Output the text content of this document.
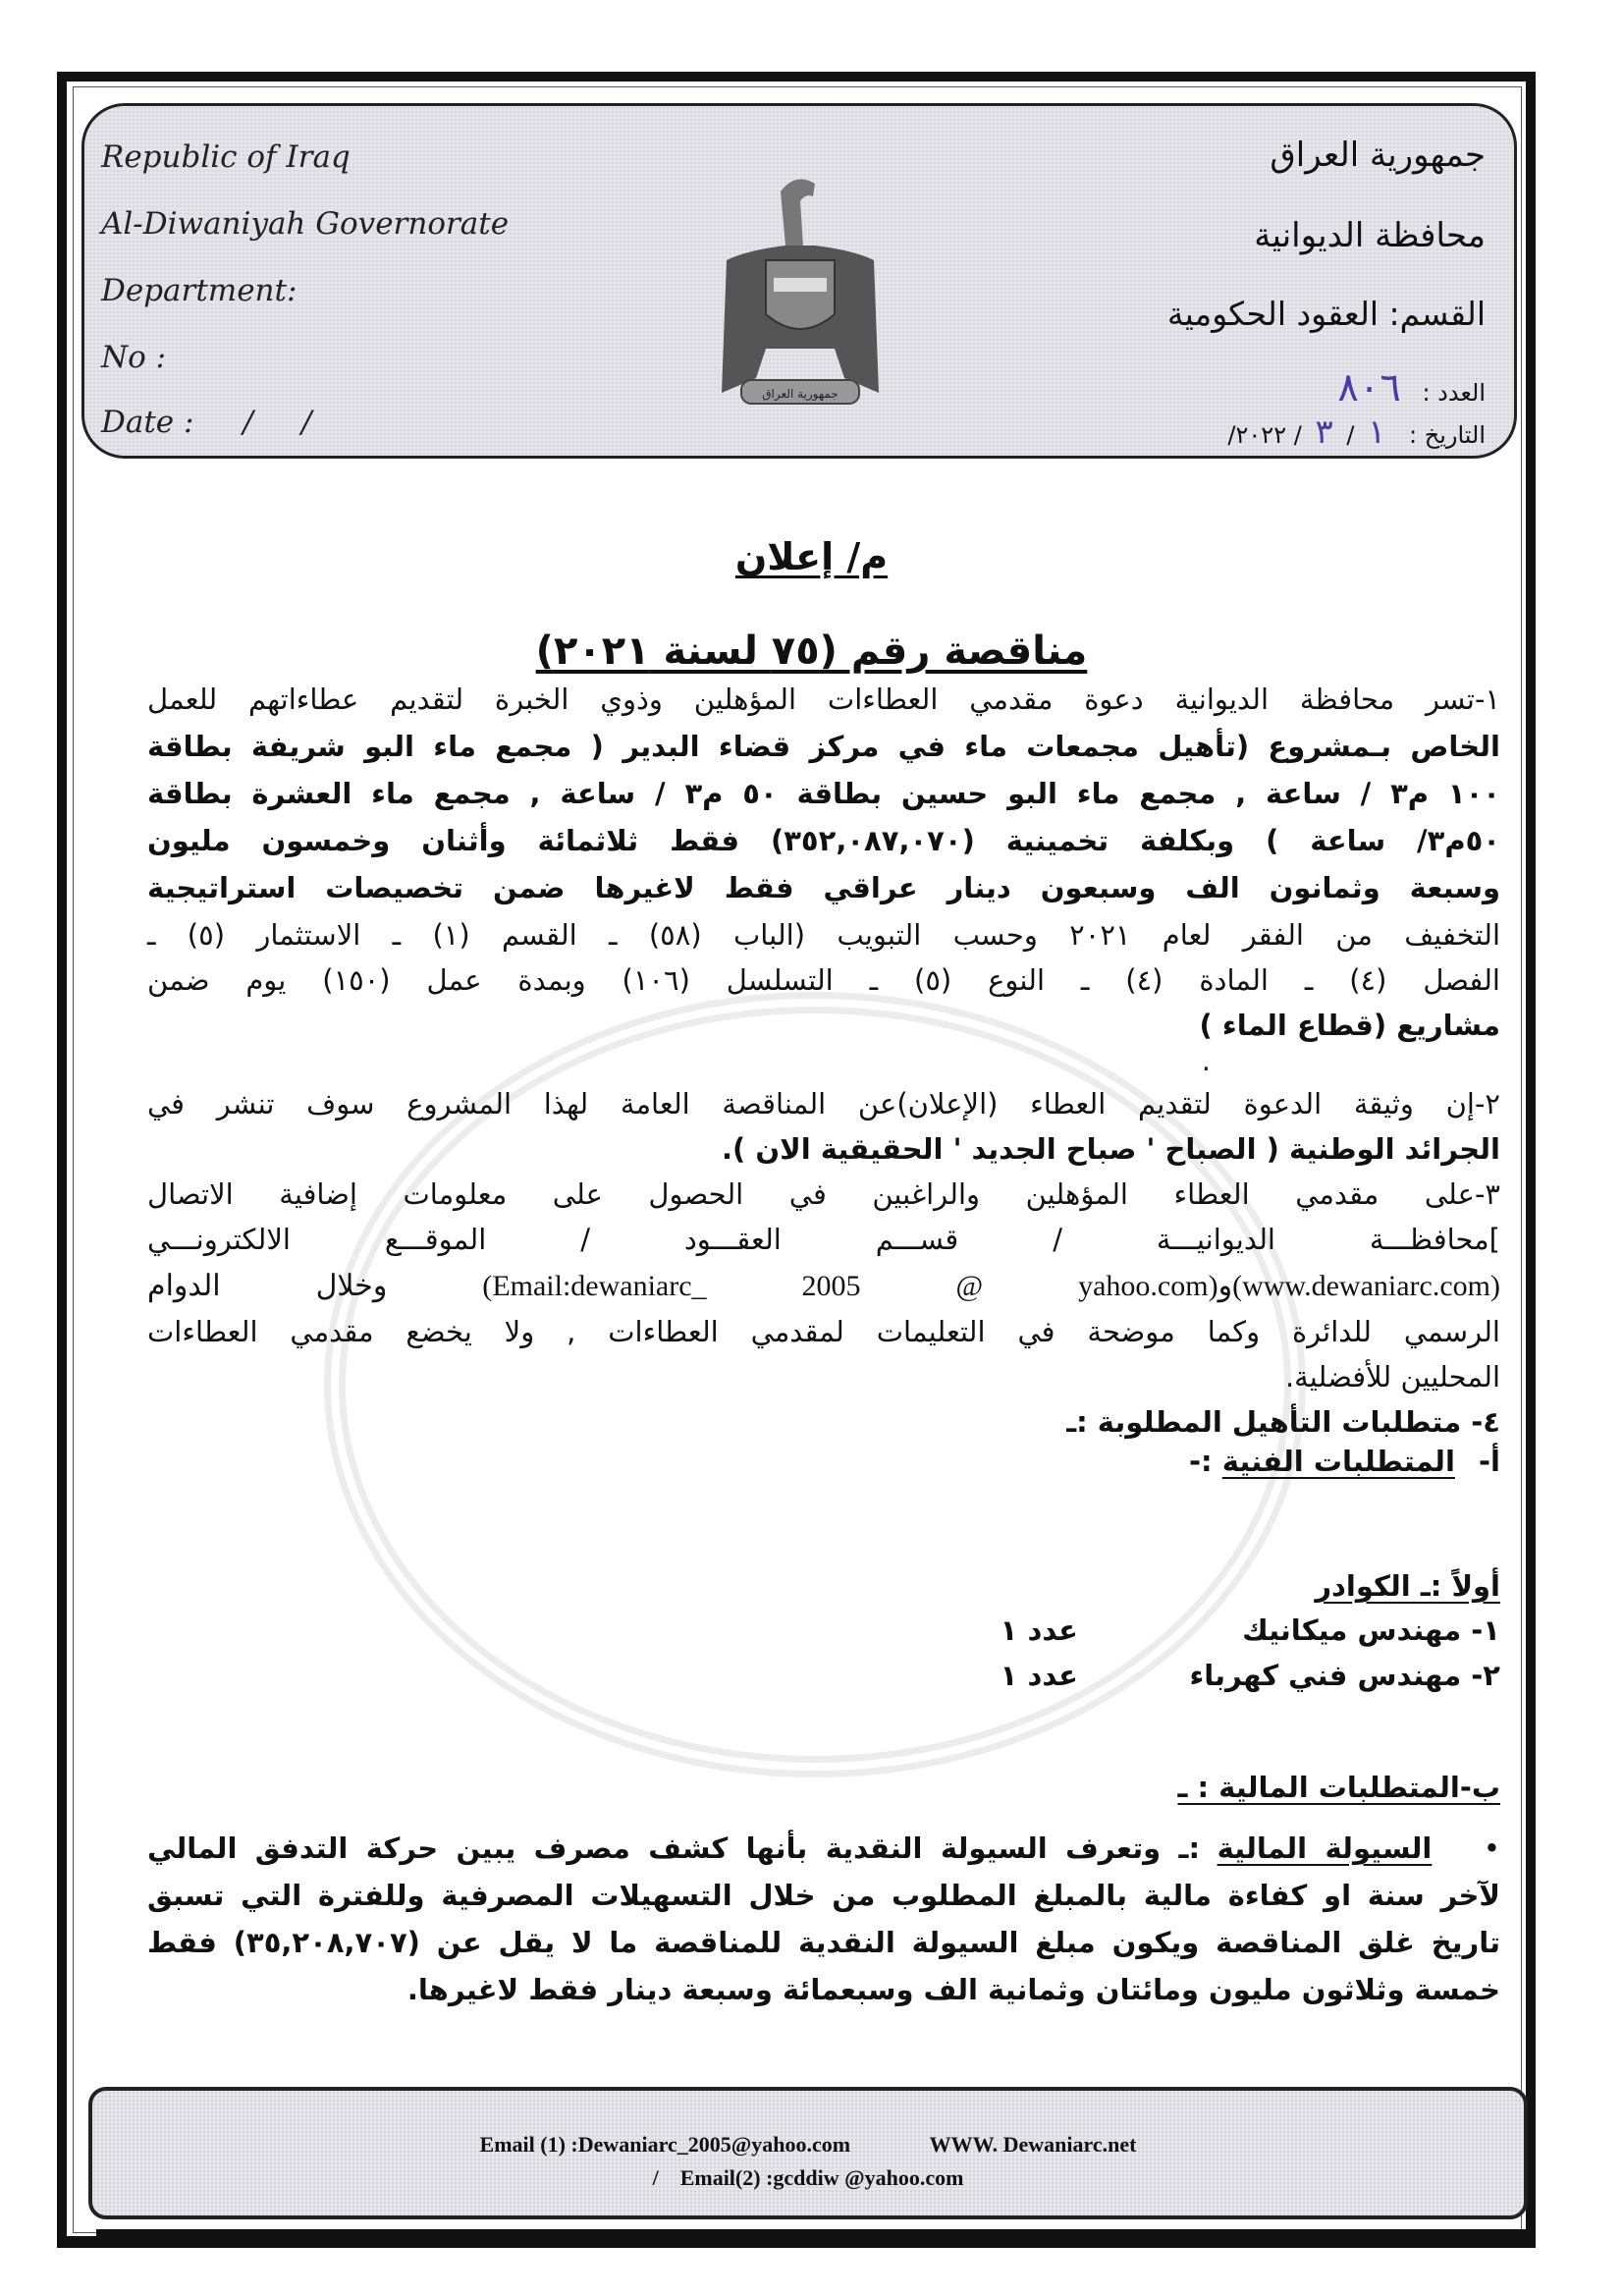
Republic of Iraq
Al-Diwaniyah Governorate
Department:
No :
Date : /     /
جمهورية العراق
جمهورية العراق
محافظة الديوانية
القسم: العقود الحكومية
العدد : ٨٠٦
التاريخ : ١ / ٣ / ٢٠٢٢/
م/ إعلان
مناقصة رقم (٧٥ لسنة ٢٠٢١)
١-تسر محافظة الديوانية دعوة مقدمي العطاءات المؤهلين وذوي الخبرة لتقديم عطاءاتهم للعمل
الخاص بـمشروع (تأهيل مجمعات ماء في مركز قضاء البدير ( مجمع ماء البو شريفة بطاقة
١٠٠ م٣ / ساعة , مجمع ماء البو حسين بطاقة ٥٠ م٣ / ساعة , مجمع ماء العشرة بطاقة
٥٠م٣/ ساعة ) وبكلفة تخمينية (٣٥٢,٠٨٧,٠٧٠) فقط ثلاثمائة وأثنان وخمسون مليون
وسبعة وثمانون الف وسبعون دينار عراقي فقط لاغيرها ضمن تخصيصات استراتيجية
التخفيف من الفقر لعام ٢٠٢١ وحسب التبويب (الباب (٥٨) ـ القسم (١) ـ الاستثمار (٥) ـ
الفصل (٤) ـ المادة (٤) ـ النوع (٥) ـ التسلسل (١٠٦) وبمدة عمل (١٥٠) يوم ضمن
مشاريع (قطاع الماء )
.
٢-إن وثيقة الدعوة لتقديم العطاء (الإعلان)عن المناقصة العامة لهذا المشروع سوف تنشر في
الجرائد الوطنية ( الصباح ' صباح الجديد ' الحقيقية الان ).
٣-على مقدمي العطاء المؤهلين والراغبين في الحصول على معلومات إضافية الاتصال
]محافظـــة الديوانيـــة / قســـم العقـــود / الموقـــع الالكترونـــي
(www.dewaniarc.com)و(Email:dewaniarc_ 2005 @ yahoo.com) وخلال الدوام
الرسمي للدائرة وكما موضحة في التعليمات لمقدمي العطاءات , ولا يخضع مقدمي العطاءات
المحليين للأفضلية.
٤- متطلبات التأهيل المطلوبة :ـ
أ- المتطلبات الفنية :-
أولاً :ـ الكوادر
١- مهندس ميكانيك عدد ١
٢- مهندس فني كهرباء عدد ١
ب-المتطلبات المالية : ـ
•   السيولة المالية :ـ وتعرف السيولة النقدية بأنها كشف مصرف يبين حركة التدفق المالي
لآخر سنة او كفاءة مالية بالمبلغ المطلوب من خلال التسهيلات المصرفية وللفترة التي تسبق
تاريخ غلق المناقصة ويكون مبلغ السيولة النقدية للمناقصة ما لا يقل عن (٣٥,٢٠٨,٧٠٧) فقط
خمسة وثلاثون مليون ومائتان وثمانية الف وسبعمائة وسبعة دينار فقط لاغيرها.
Email (1) :Dewaniarc_2005@yahoo.com	WWW. Dewaniarc.net
/    Email(2) :gcddiw @yahoo.com
